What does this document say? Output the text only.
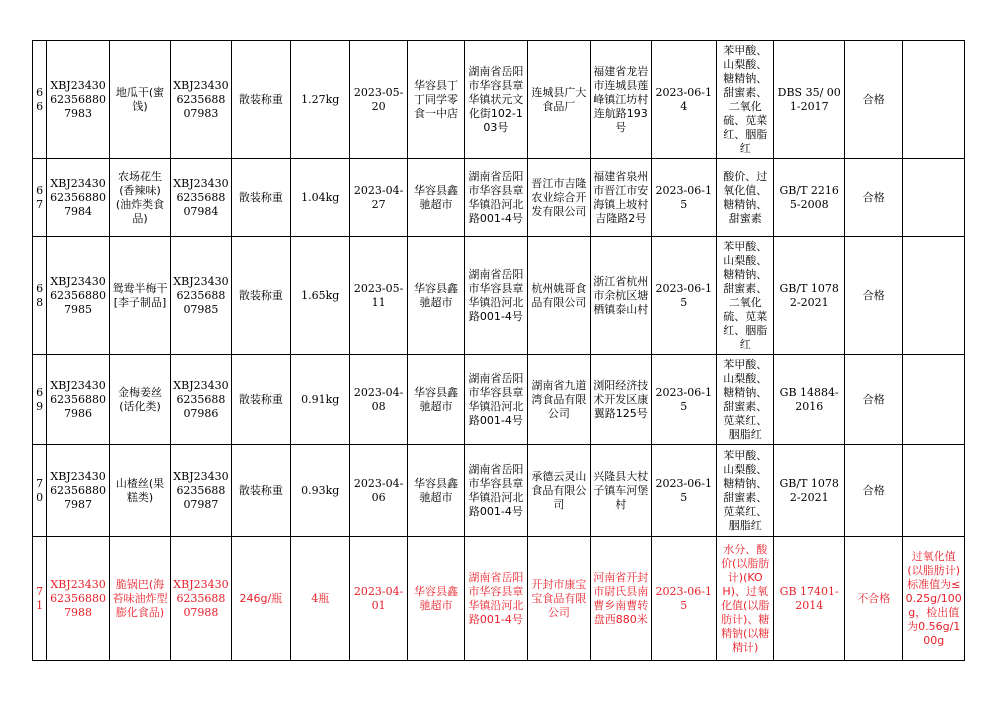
66	XBJ23430623568807983	地瓜干(蜜饯)	XBJ23430623568807983	散装称重	1.27kg	2023-05-20	华容县丁丁同学零食一中店	湖南省岳阳市华容县章华镇状元文化街102-103号	连城县广大食品厂	福建省龙岩市连城县莲峰镇江坊村连航路193号	2023-06-14	苯甲酸、山梨酸、糖精钠、甜蜜素、二氧化硫、苋菜红、胭脂红	DBS 35/ 001-2017	合格	
67	XBJ23430623568807984	农场花生(香辣味)(油炸类食品)	XBJ23430623568807984	散装称重	1.04kg	2023-04-27	华容县鑫驰超市	湖南省岳阳市华容县章华镇沿河北路001-4号	晋江市吉隆农业综合开发有限公司	福建省泉州市晋江市安海镇上坡村吉隆路2号	2023-06-15	酸价、过氧化值、糖精钠、甜蜜素	GB/T 22165-2008	合格	
68	XBJ23430623568807985	鸳鸯半梅干[李子制品]	XBJ23430623568807985	散装称重	1.65kg	2023-05-11	华容县鑫驰超市	湖南省岳阳市华容县章华镇沿河北路001-4号	杭州姚哥食品有限公司	浙江省杭州市余杭区塘栖镇泰山村	2023-06-15	苯甲酸、山梨酸、糖精钠、甜蜜素、二氧化硫、苋菜红、胭脂红	GB/T 10782-2021	合格	
69	XBJ23430623568807986	金梅姜丝(话化类)	XBJ23430623568807986	散装称重	0.91kg	2023-04-08	华容县鑫驰超市	湖南省岳阳市华容县章华镇沿河北路001-4号	湖南省九道湾食品有限公司	浏阳经济技术开发区康翼路125号	2023-06-15	苯甲酸、山梨酸、糖精钠、甜蜜素、苋菜红、胭脂红	GB 14884-2016	合格	
70	XBJ23430623568807987	山楂丝(果糕类)	XBJ23430623568807987	散装称重	0.93kg	2023-04-06	华容县鑫驰超市	湖南省岳阳市华容县章华镇沿河北路001-4号	承德云灵山食品有限公司	兴隆县大杖子镇车河堡村	2023-06-15	苯甲酸、山梨酸、糖精钠、甜蜜素、苋菜红、胭脂红	GB/T 10782-2021	合格	
71	XBJ23430623568807988	脆锅巴(海苔味油炸型膨化食品)	XBJ23430623568807988	246g/瓶	4瓶	2023-04-01	华容县鑫驰超市	湖南省岳阳市华容县章华镇沿河北路001-4号	开封市康宝宝食品有限公司	河南省开封市尉氏县南曹乡南曹转盘西880米	2023-06-15	水分、酸价(以脂肪计)(KOH)、过氧化值(以脂肪计)、糖精钠(以糖精计)	GB 17401-2014	不合格	过氧化值(以脂肪计)标准值为≤0.25g/100g，检出值为0.56g/100g
